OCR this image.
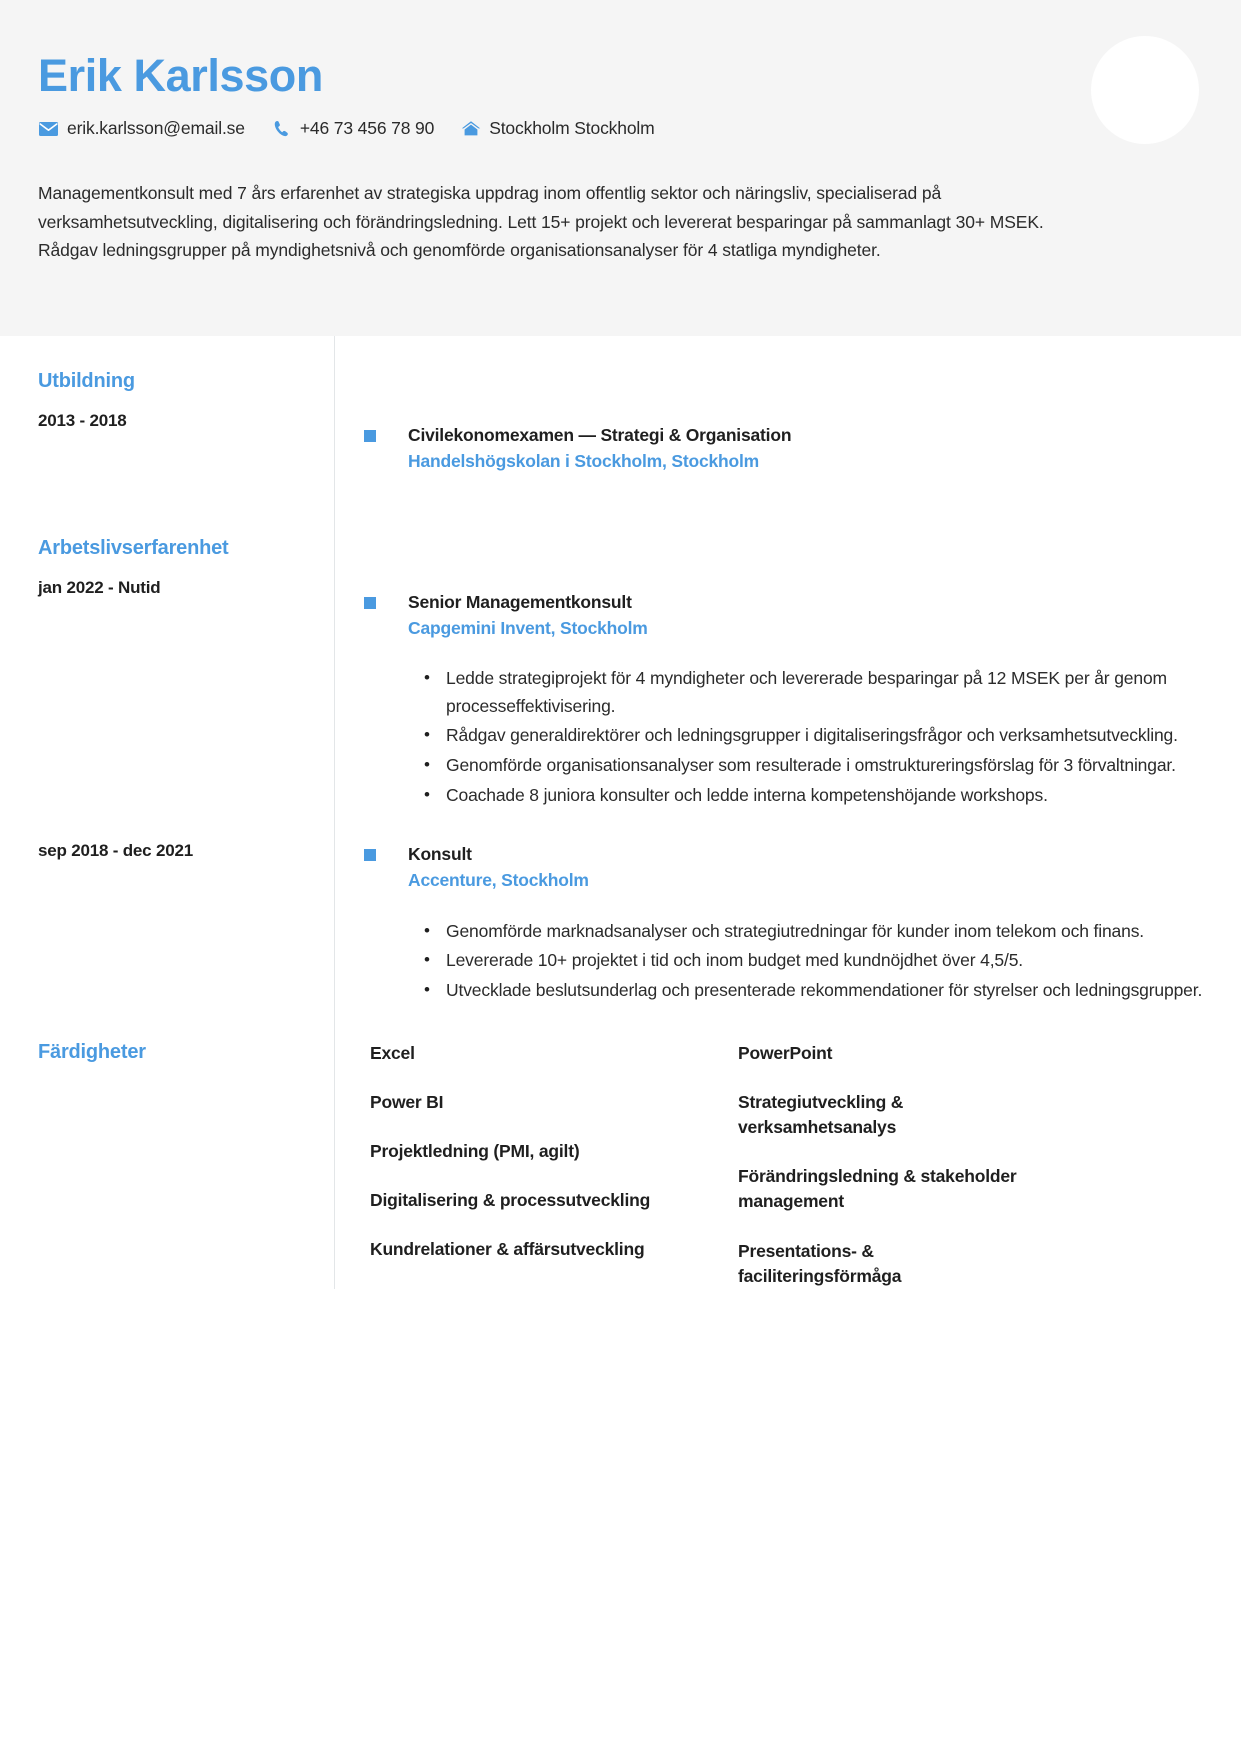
Erik Karlsson
erik.karlsson@email.se	+46 73 456 78 90	Stockholm Stockholm
Managementkonsult med 7 års erfarenhet av strategiska uppdrag inom offentlig sektor och näringsliv, specialiserad på verksamhetsutveckling, digitalisering och förändringsledning. Lett 15+ projekt och levererat besparingar på sammanlagt 30+ MSEK. Rådgav ledningsgrupper på myndighetsnivå och genomförde organisationsanalyser för 4 statliga myndigheter.
Utbildning
2013 - 2018
Civilekonomexamen — Strategi & Organisation
Handelshögskolan i Stockholm, Stockholm
Arbetslivserfarenhet
jan 2022 - Nutid
Senior Managementkonsult
Capgemini Invent, Stockholm
• Ledde strategiprojekt för 4 myndigheter och levererade besparingar på 12 MSEK per år genom processeffektivisering.
• Rådgav generaldirektörer och ledningsgrupper i digitaliseringsfrågor och verksamhetsutveckling.
• Genomförde organisationsanalyser som resulterade i omstruktureringsförslag för 3 förvaltningar.
• Coachade 8 juniora konsulter och ledde interna kompetenshöjande workshops.
sep 2018 - dec 2021	Konsult
Accenture, Stockholm
• Genomförde marknadsanalyser och strategiutredningar för kunder inom telekom och finans.
• Levererade 10+ projektet i tid och inom budget med kundnöjdhet över 4,5/5.
• Utvecklade beslutsunderlag och presenterade rekommendationer för styrelser och ledningsgrupper.
Färdigheter	Excel
Power BI
Projektledning (PMI, agilt)
Digitalisering & processutveckling
Kundrelationer & affärsutveckling
PowerPoint
Strategiutveckling & verksamhetsanalys
Förändringsledning & stakeholder management
Presentations- & faciliteringsförmåga
